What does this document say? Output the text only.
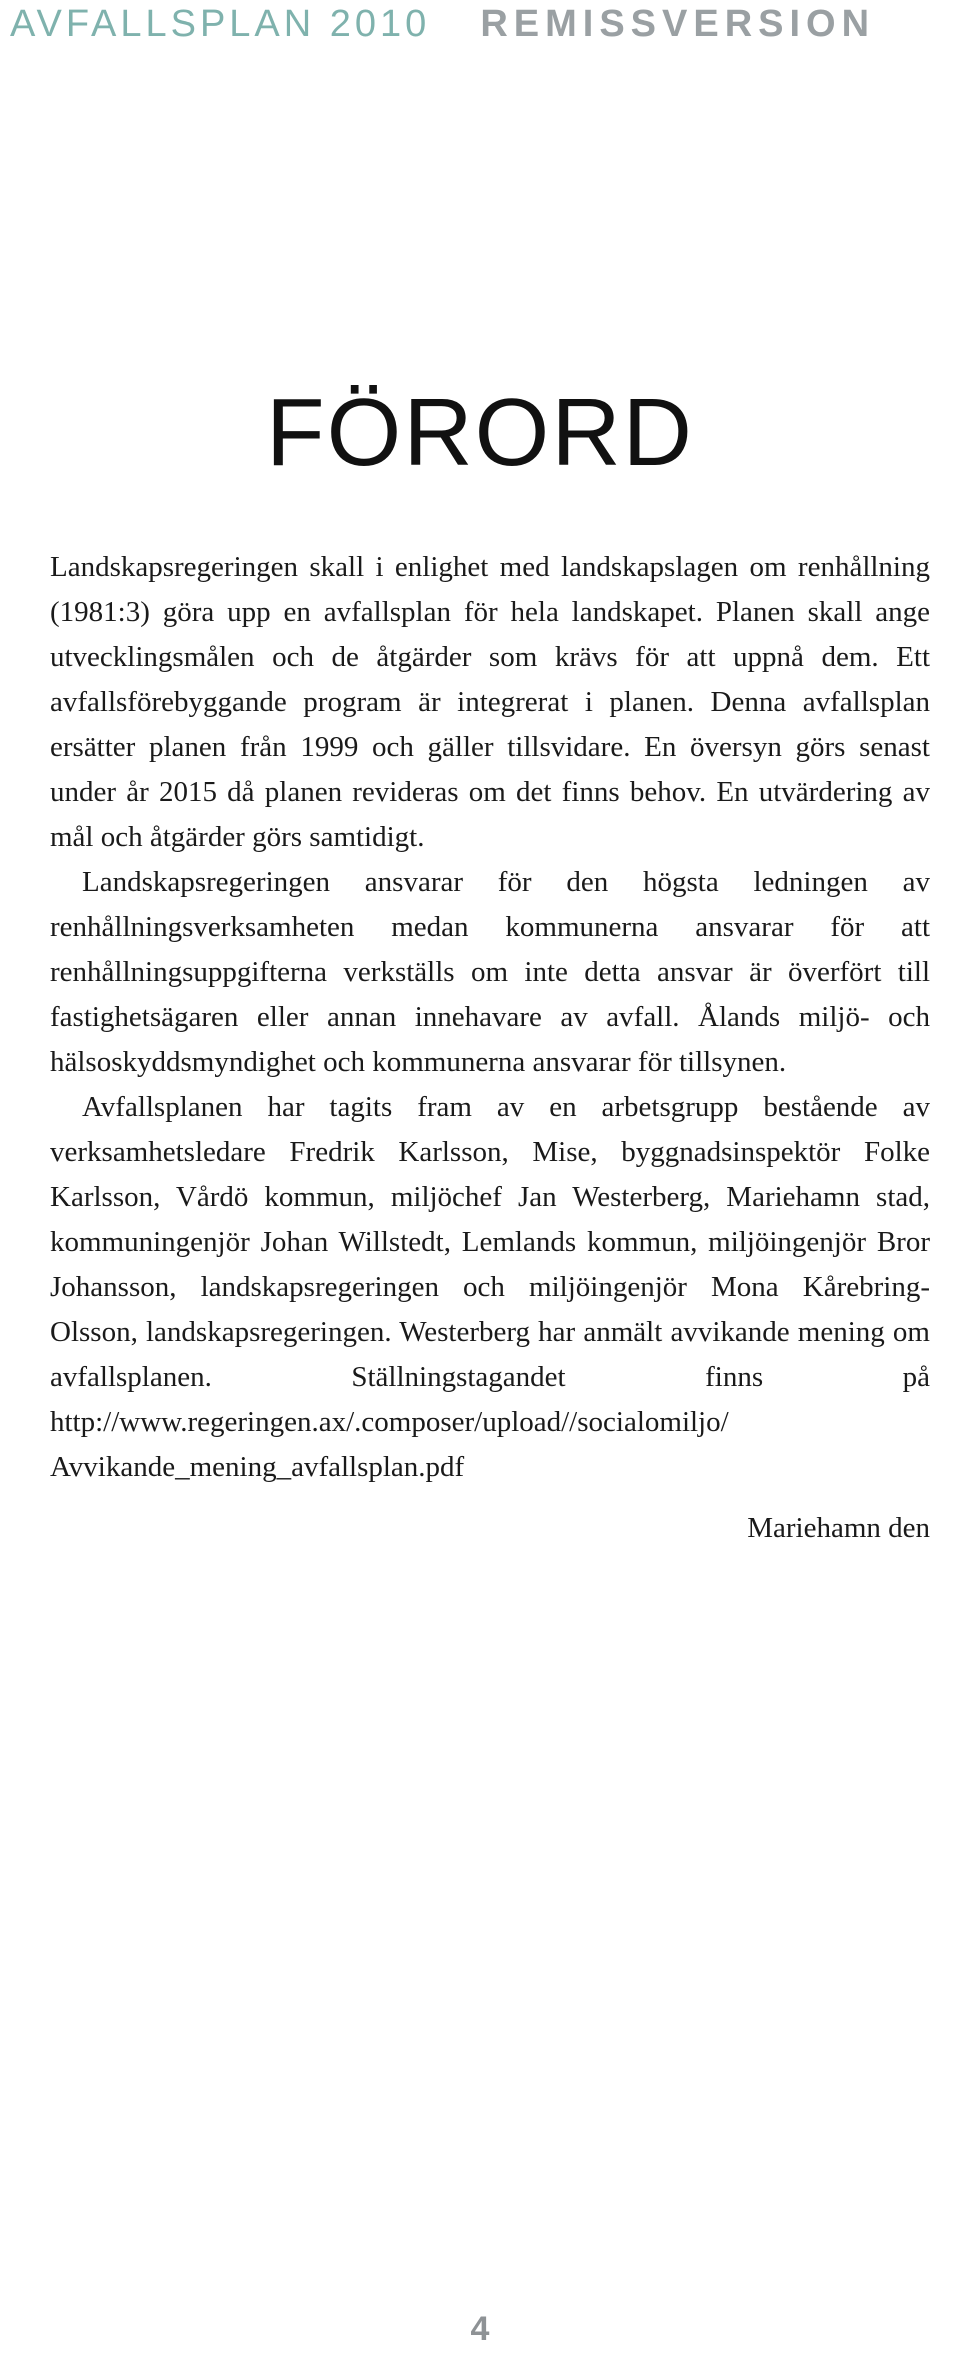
AVFALLSPLAN 2010 REMISSVERSION
FÖRORD

Landskapsregeringen skall i enlighet med landskapslagen om renhållning (1981:3) göra upp en avfallsplan för hela landskapet. Planen skall ange utvecklingsmålen och de åtgärder som krävs för att uppnå dem. Ett avfallsförebyggande program är integrerat i planen. Denna avfallsplan ersätter planen från 1999 och gäller tillsvidare. En översyn görs senast under år 2015 då planen revideras om det finns behov. En utvärdering av mål och åtgärder görs samtidigt.

Landskapsregeringen ansvarar för den högsta ledningen av renhållningsverksamheten medan kommunerna ansvarar för att renhållningsuppgifterna verkställs om inte detta ansvar är överfört till fastighetsägaren eller annan innehavare av avfall. Ålands miljö- och hälsoskyddsmyndighet och kommunerna ansvarar för tillsynen.

Avfallsplanen har tagits fram av en arbetsgrupp bestående av verksamhetsledare Fredrik Karlsson, Mise, byggnadsinspektör Folke Karlsson, Vårdö kommun, miljöchef Jan Westerberg, Mariehamn stad, kommuningenjör Johan Willstedt, Lemlands kommun, miljöingenjör Bror Johansson, landskapsregeringen och miljöingenjör Mona Kårebring-Olsson, landskapsregeringen. Westerberg har anmält avvikande mening om avfallsplanen. Ställningstagandet finns på http://www.regeringen.ax/.composer/upload//socialomiljo/ Avvikande_mening_avfallsplan.pdf

Mariehamn den
4
